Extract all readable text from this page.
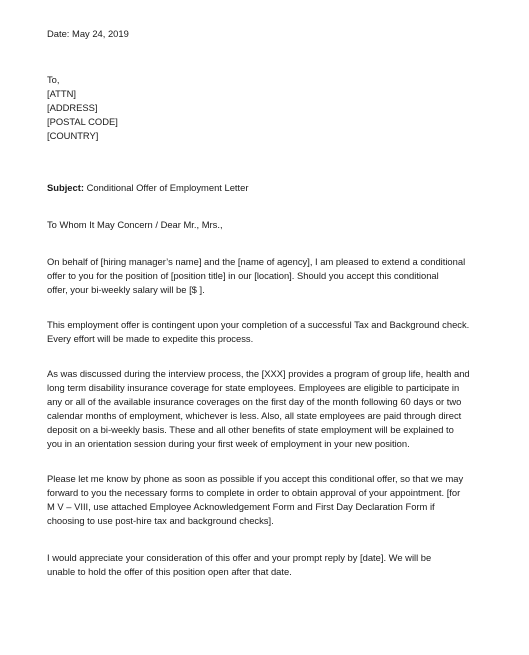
Date: May 24, 2019
To,
[ATTN]
[ADDRESS]
[POSTAL CODE]
[COUNTRY]
Subject: Conditional Offer of Employment Letter
To Whom It May Concern / Dear Mr., Mrs.,
On behalf of [hiring manager’s name] and the [name of agency], I am pleased to extend a conditional
offer to you for the position of [position title] in our [location]. Should you accept this conditional
offer, your bi-weekly salary will be [$ ].
This employment offer is contingent upon your completion of a successful Tax and Background check.
Every effort will be made to expedite this process.
As was discussed during the interview process, the [XXX] provides a program of group life, health and
long term disability insurance coverage for state employees. Employees are eligible to participate in
any or all of the available insurance coverages on the first day of the month following 60 days or two
calendar months of employment, whichever is less. Also, all state employees are paid through direct
deposit on a bi-weekly basis. These and all other benefits of state employment will be explained to
you in an orientation session during your first week of employment in your new position.
Please let me know by phone as soon as possible if you accept this conditional offer, so that we may
forward to you the necessary forms to complete in order to obtain approval of your appointment. [for
M V – VIII, use attached Employee Acknowledgement Form and First Day Declaration Form if
choosing to use post-hire tax and background checks].
I would appreciate your consideration of this offer and your prompt reply by [date]. We will be
unable to hold the offer of this position open after that date.
